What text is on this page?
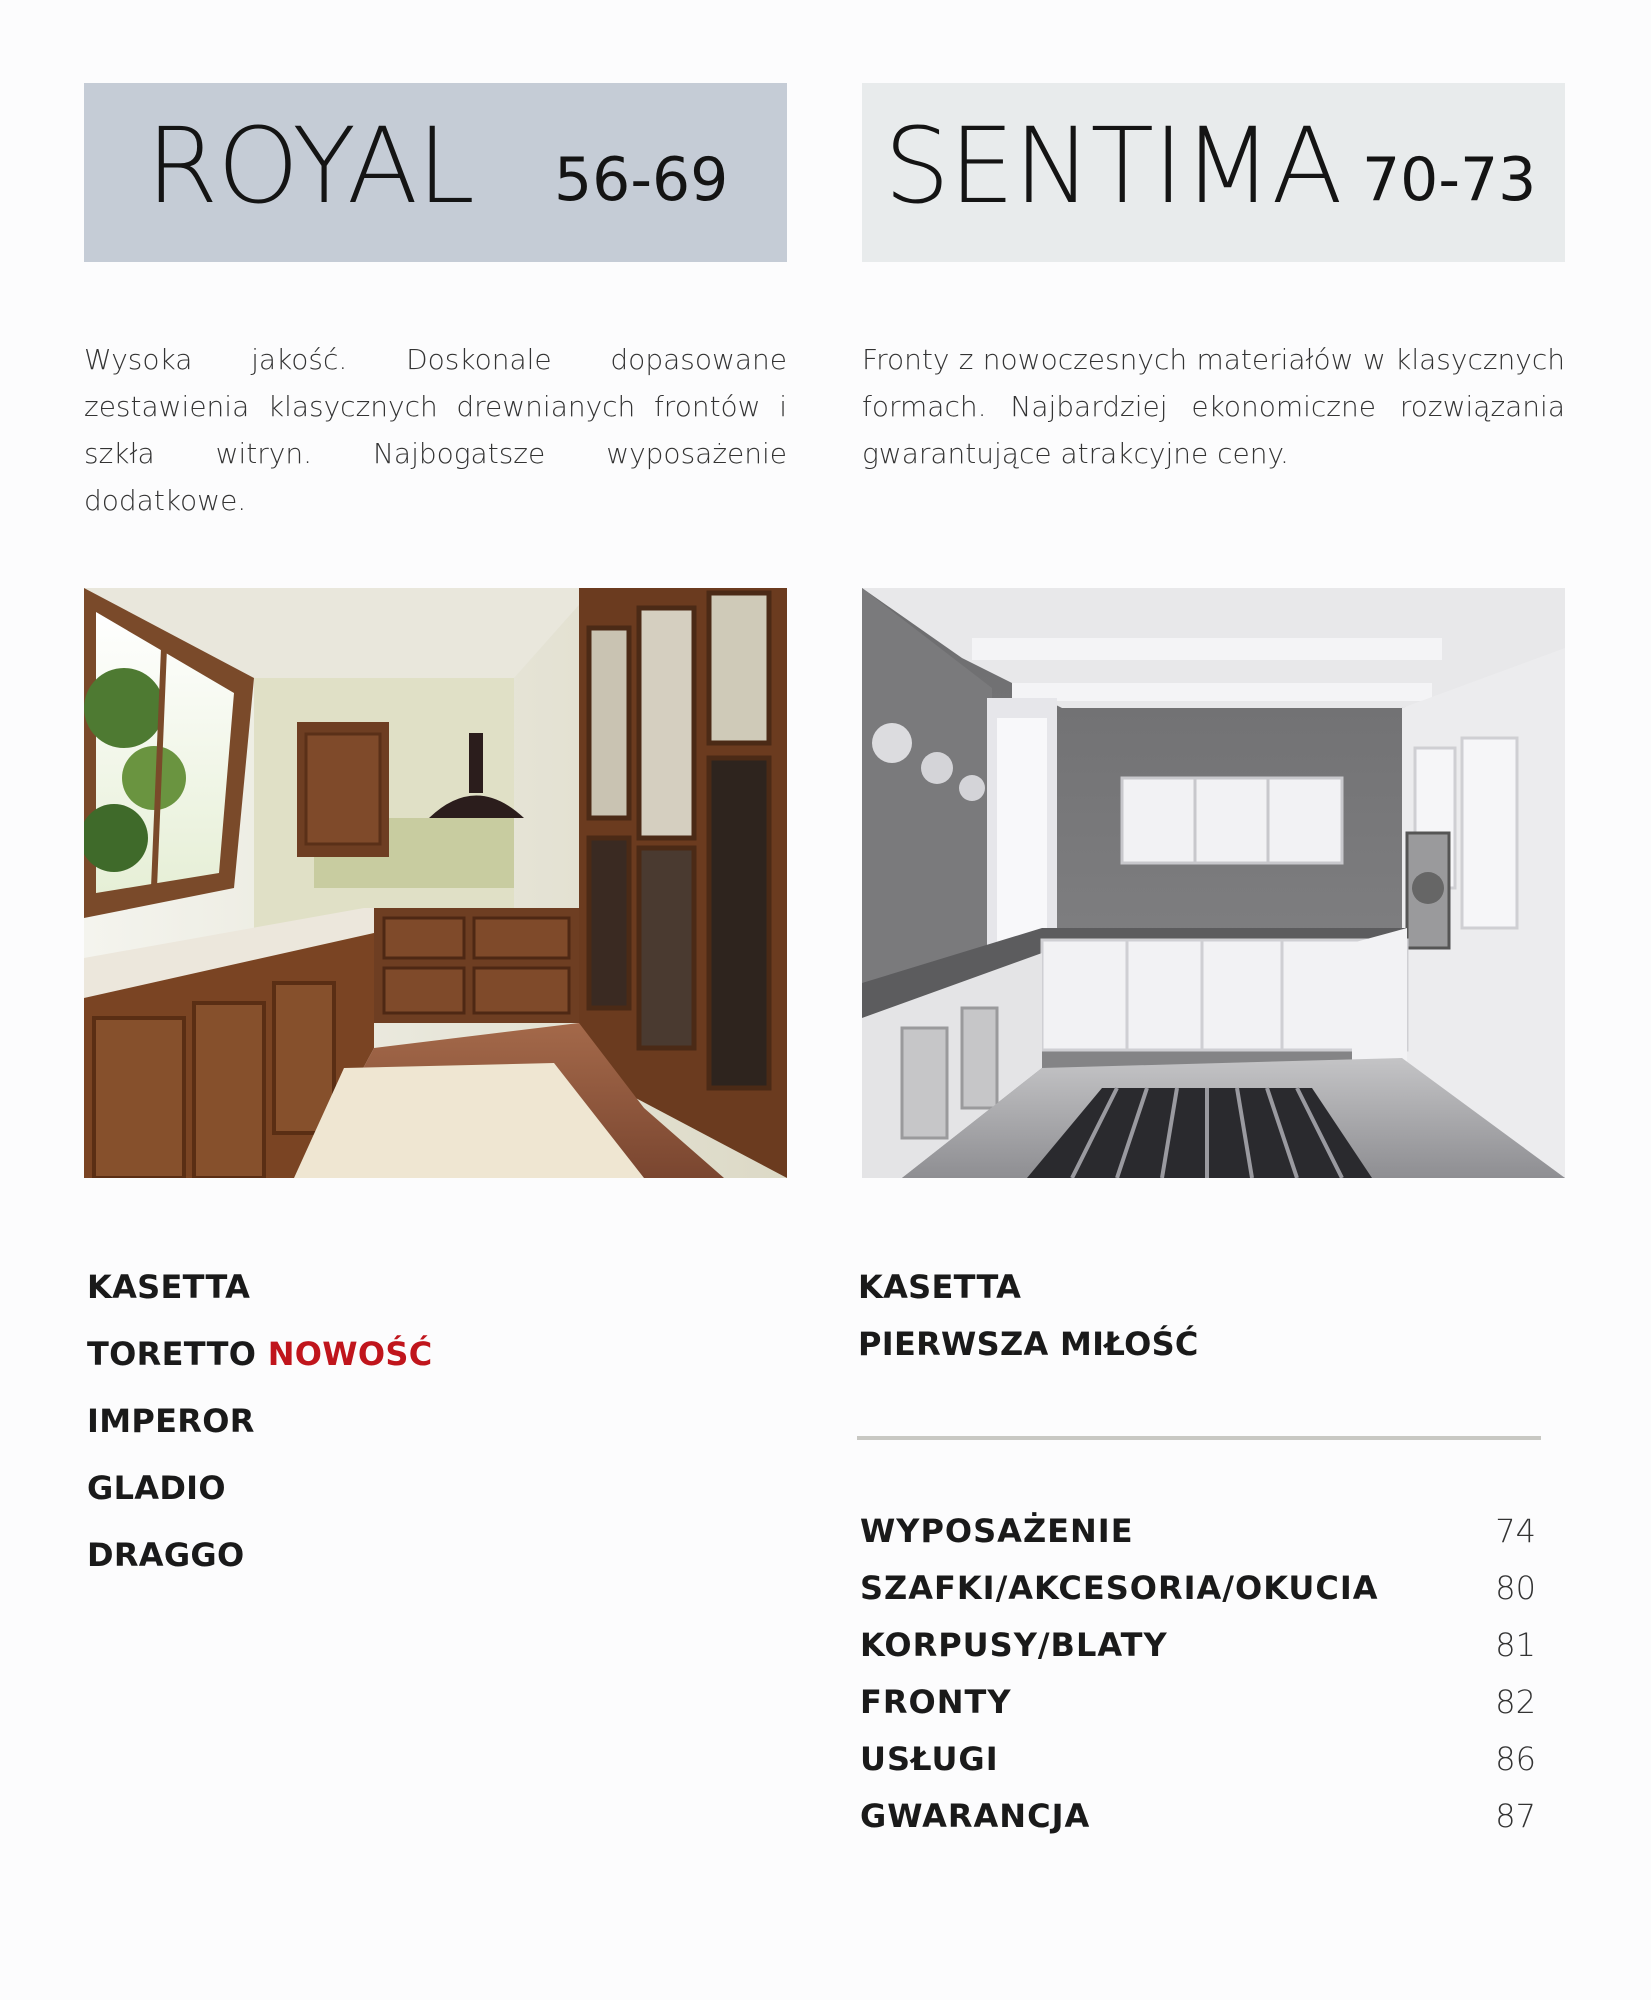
ROYAL 56-69 SENTIMA 70-73
Wysoka jakość. Doskonale dopasowane zestawienia klasycznych drewnianych frontów i szkła witryn. Najbogatsze wyposażenie dodatkowe.
Fronty z nowoczesnych materiałów w klasycznych formach. Najbardziej ekonomiczne rozwiązania gwarantujące atrakcyjne ceny.
KASETTA
TORETTO NOWOŚĆ
IMPEROR
GLADIO
DRAGGO
KASETTA
PIERWSZA MIŁOŚĆ
WYPOSAŻENIE	74
SZAFKI/AKCESORIA/OKUCIA	80
KORPUSY/BLATY	81
FRONTY	82
USŁUGI	86
GWARANCJA	87
